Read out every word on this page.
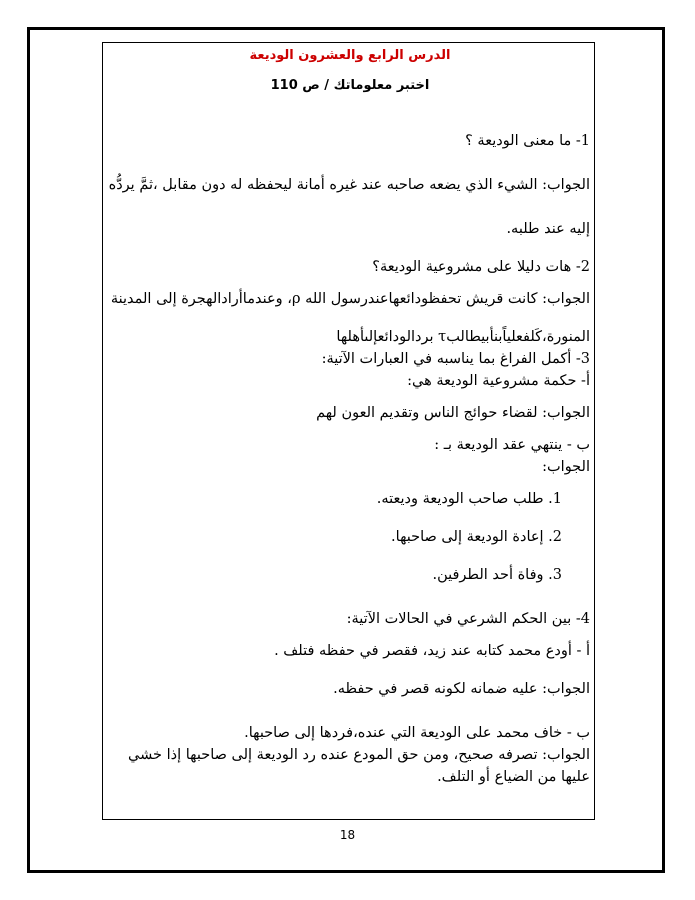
الدرس الرابع والعشرون الوديعة
اختبر معلوماتك / ص 110
1- ما معنى الوديعة ؟
الجواب: الشيء الذي يضعه صاحبه عند غيره أمانة ليحفظه له دون مقابل ،ثمَّ يردُّه
إليه عند طلبه.
2- هات دليلا على مشروعية الوديعة؟
الجواب: كانت قريش تحفظودائعهاعندرسول الله ρ، وعندماأرادالهجرة إلى المدينة
المنورة،كَلفعلياًبنأبيطالبτ بردالودائعإلىأهلها
3- أكمل الفراغ بما يناسبه في العبارات الآتية:
أ- حكمة مشروعية الوديعة هي:
الجواب: لقضاء حوائج الناس وتقديم العون لهم
ب - ينتهي عقد الوديعة بـ :
الجواب:
1. طلب صاحب الوديعة وديعته.
2. إعادة الوديعة إلى صاحبها.
3. وفاة أحد الطرفين.
4- بين الحكم الشرعي في الحالات الآتية:
أ - أودع محمد كتابه عند زيد، فقصر في حفظه فتلف .
الجواب: عليه ضمانه لكونه قصر في حفظه.
ب - خاف محمد على الوديعة التي عنده،فردها إلى صاحبها.
الجواب: تصرفه صحيح، ومن حق المودع عنده رد الوديعة إلى صاحبها إذا خشي
عليها من الضياع أو التلف.
18
